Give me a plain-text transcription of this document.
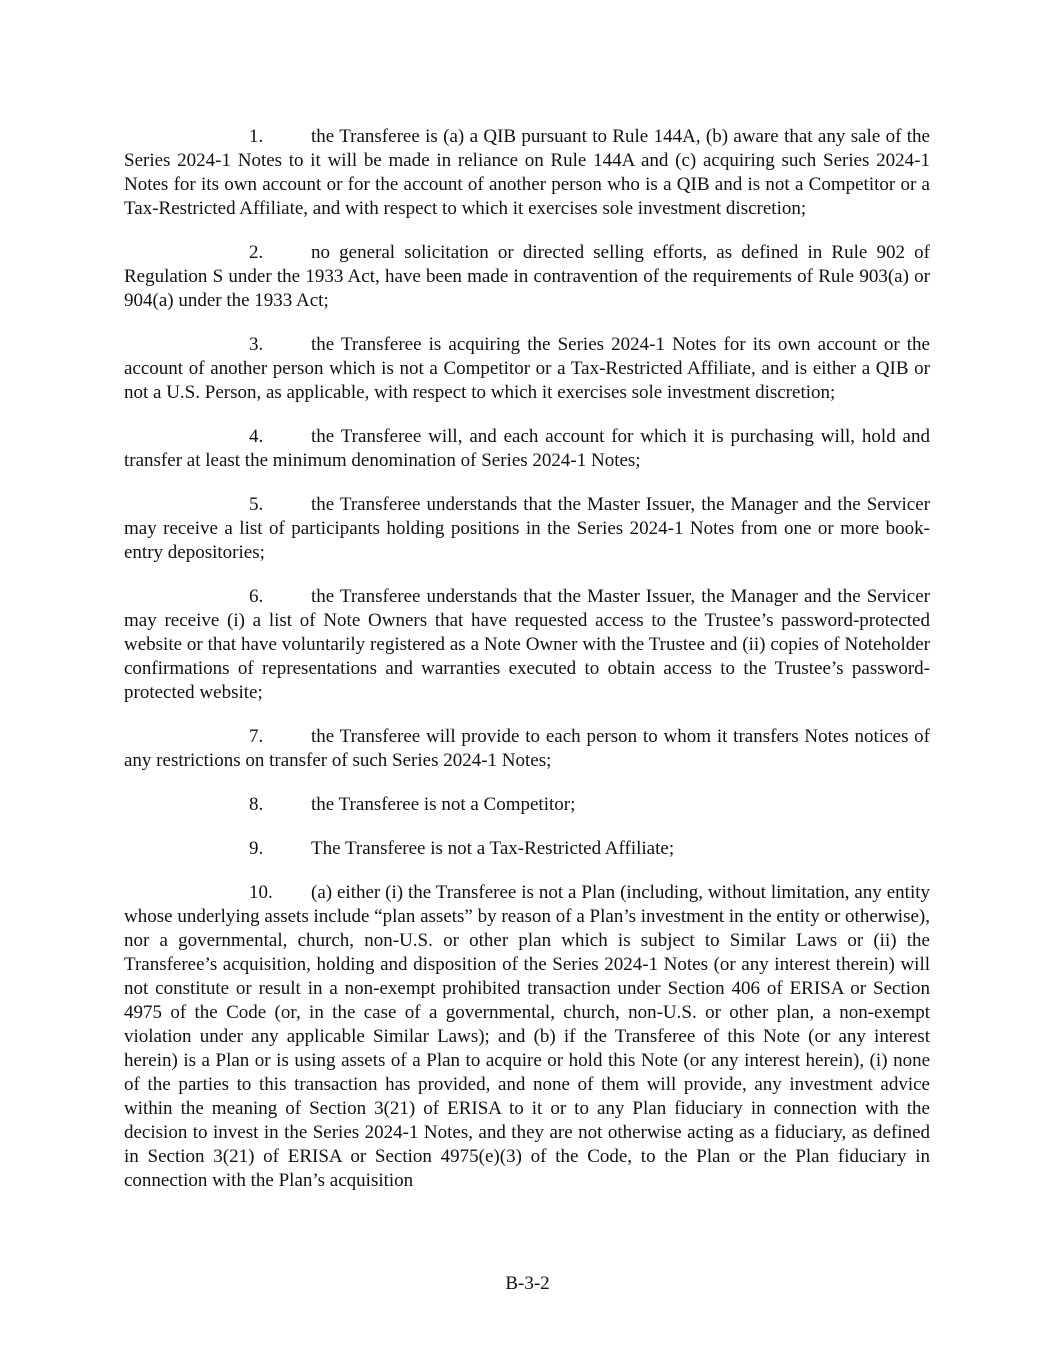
1.	the Transferee is (a) a QIB pursuant to Rule 144A, (b) aware that any sale of the Series 2024-1 Notes to it will be made in reliance on Rule 144A and (c) acquiring such Series 2024-1 Notes for its own account or for the account of another person who is a QIB and is not a Competitor or a Tax-Restricted Affiliate, and with respect to which it exercises sole investment discretion;

2.	no general solicitation or directed selling efforts, as defined in Rule 902 of Regulation S under the 1933 Act, have been made in contravention of the requirements of Rule 903(a) or 904(a) under the 1933 Act;

3.	the Transferee is acquiring the Series 2024-1 Notes for its own account or the account of another person which is not a Competitor or a Tax-Restricted Affiliate, and is either a QIB or not a U.S. Person, as applicable, with respect to which it exercises sole investment discretion;

4.	the Transferee will, and each account for which it is purchasing will, hold and transfer at least the minimum denomination of Series 2024-1 Notes;

5.	the Transferee understands that the Master Issuer, the Manager and the Servicer may receive a list of participants holding positions in the Series 2024-1 Notes from one or more book-entry depositories;

6.	the Transferee understands that the Master Issuer, the Manager and the Servicer may receive (i) a list of Note Owners that have requested access to the Trustee’s password-protected website or that have voluntarily registered as a Note Owner with the Trustee and (ii) copies of Noteholder confirmations of representations and warranties executed to obtain access to the Trustee’s password-protected website;

7.	the Transferee will provide to each person to whom it transfers Notes notices of any restrictions on transfer of such Series 2024-1 Notes;

8.	the Transferee is not a Competitor;

9.	The Transferee is not a Tax-Restricted Affiliate;

10. (a) either (i) the Transferee is not a Plan (including, without limitation, any entity whose underlying assets include “plan assets” by reason of a Plan’s investment in the entity or otherwise), nor a governmental, church, non-U.S. or other plan which is subject to Similar Laws or (ii) the Transferee’s acquisition, holding and disposition of the Series 2024-1 Notes (or any interest therein) will not constitute or result in a non-exempt prohibited transaction under Section 406 of ERISA or Section 4975 of the Code (or, in the case of a governmental, church, non-U.S. or other plan, a non-exempt violation under any applicable Similar Laws); and (b) if the Transferee of this Note (or any interest herein) is a Plan or is using assets of a Plan to acquire or hold this Note (or any interest herein), (i) none of the parties to this transaction has provided, and none of them will provide, any investment advice within the meaning of Section 3(21) of ERISA to it or to any Plan fiduciary in connection with the decision to invest in the Series 2024-1 Notes, and they are not otherwise acting as a fiduciary, as defined in Section 3(21) of ERISA or Section 4975(e)(3) of the Code, to the Plan or the Plan fiduciary in connection with the Plan’s acquisition

B-3-2
